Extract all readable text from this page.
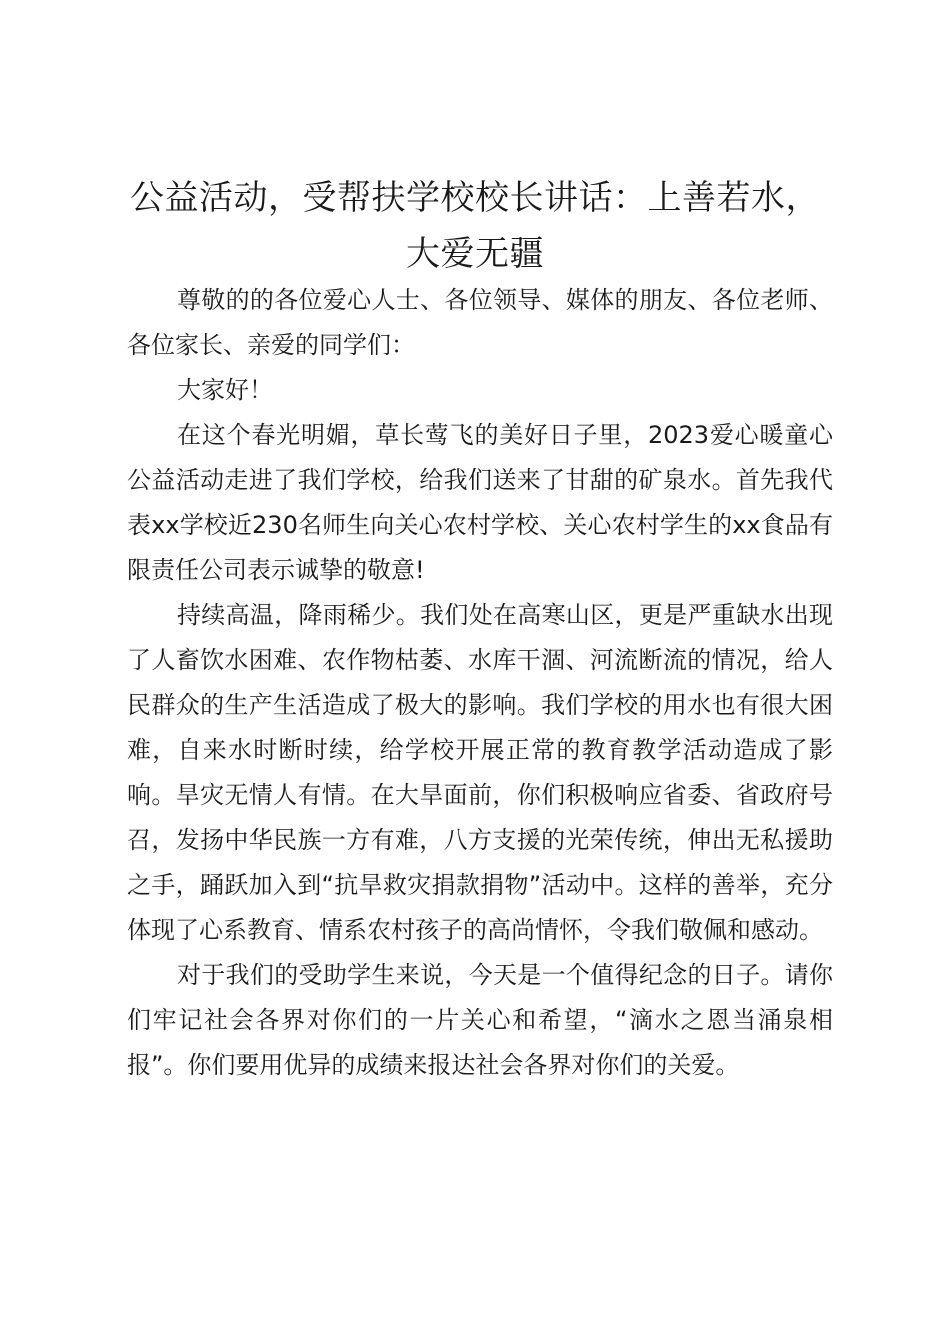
公益活动，受帮扶学校校长讲话：上善若水，大爱无疆

尊敬的的各位爱心人士、各位领导、媒体的朋友、各位老师、各位家长、亲爱的同学们：

大家好！

在这个春光明媚，草长莺飞的美好日子里，2023爱心暖童心公益活动走进了我们学校，给我们送来了甘甜的矿泉水。首先我代表xx学校近230名师生向关心农村学校、关心农村学生的xx食品有限责任公司表示诚挚的敬意!

持续高温，降雨稀少。我们处在高寒山区，更是严重缺水出现了人畜饮水困难、农作物枯萎、水库干涸、河流断流的情况，给人民群众的生产生活造成了极大的影响。我们学校的用水也有很大困难，自来水时断时续，给学校开展正常的教育教学活动造成了影响。旱灾无情人有情。在大旱面前，你们积极响应省委、省政府号召，发扬中华民族一方有难，八方支援的光荣传统，伸出无私援助之手，踊跃加入到“抗旱救灾捐款捐物”活动中。这样的善举，充分体现了心系教育、情系农村孩子的高尚情怀，令我们敬佩和感动。

对于我们的受助学生来说，今天是一个值得纪念的日子。请你们牢记社会各界对你们的一片关心和希望，“滴水之恩当涌泉相报”。你们要用优异的成绩来报达社会各界对你们的关爱。
